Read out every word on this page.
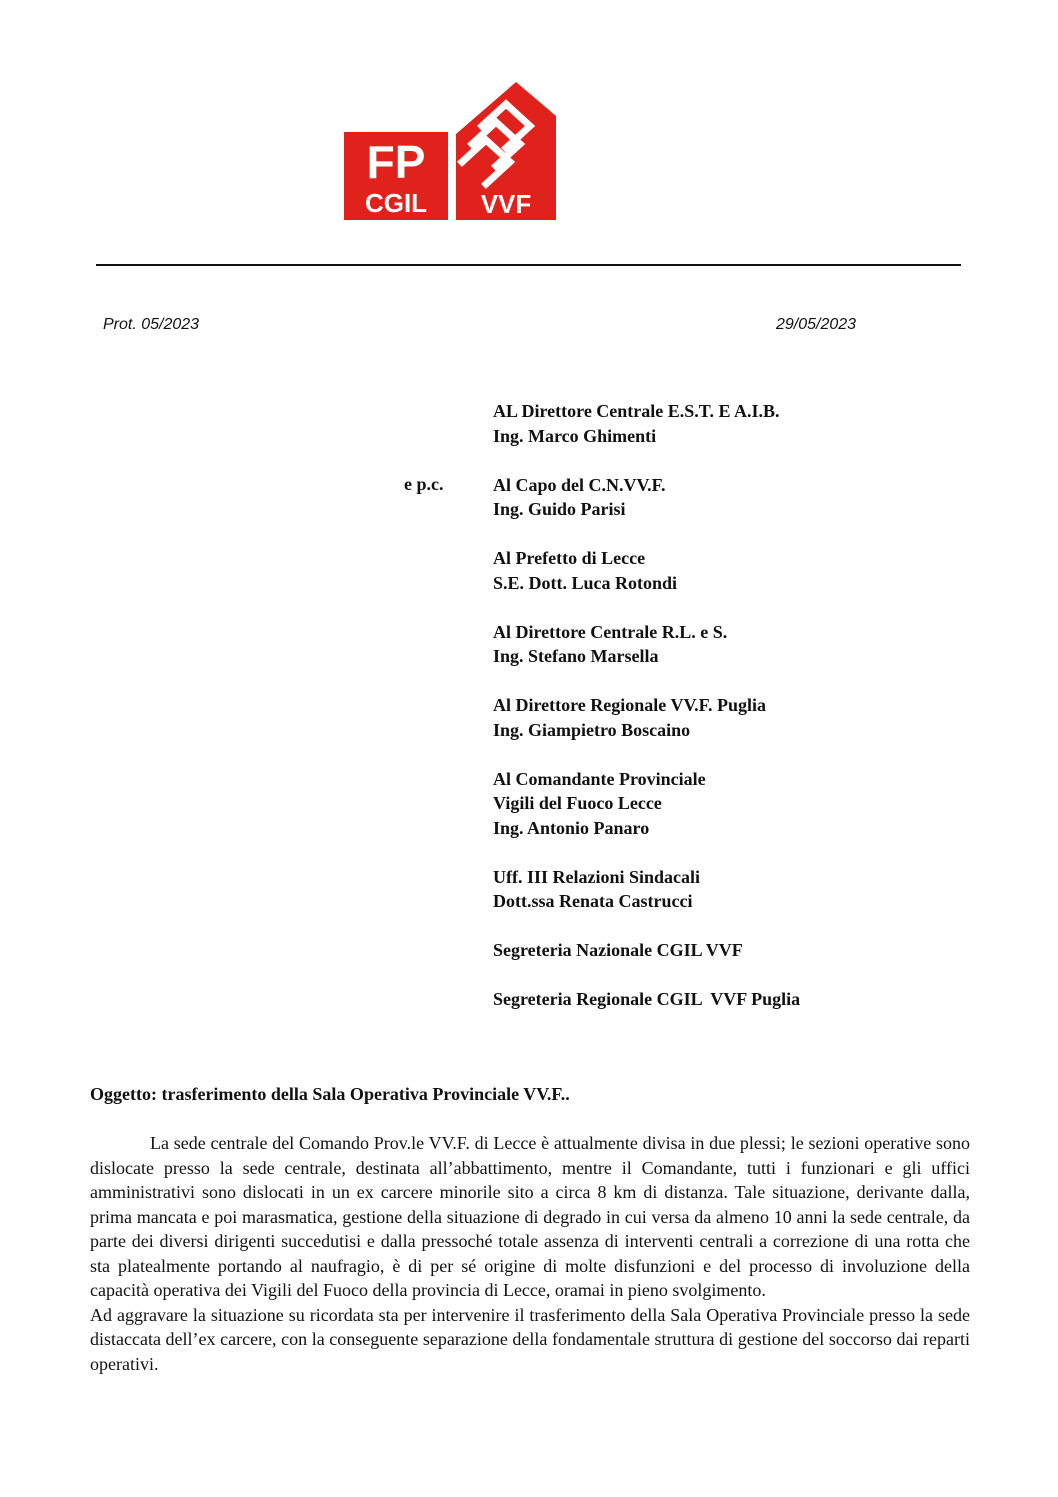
FP
CGIL VVF
Prot. 05/2023	29/05/2023
e p.c.
AL Direttore Centrale E.S.T. E A.I.B.
Ing. Marco Ghimenti
Al Capo del C.N.VV.F.
Ing. Guido Parisi
Al Prefetto di Lecce
S.E. Dott. Luca Rotondi
Al Direttore Centrale R.L. e S.
Ing. Stefano Marsella
Al Direttore Regionale VV.F. Puglia
Ing. Giampietro Boscaino
Al Comandante Provinciale
Vigili del Fuoco Lecce
Ing. Antonio Panaro
Uff. III Relazioni Sindacali
Dott.ssa Renata Castrucci
Segreteria Nazionale CGIL VVF
Segreteria Regionale CGIL  VVF Puglia
Oggetto: trasferimento della Sala Operativa Provinciale VV.F..

La sede centrale del Comando Prov.le VV.F. di Lecce è attualmente divisa in due plessi; le sezioni operative sono dislocate presso la sede centrale, destinata all’abbattimento, mentre il Comandante, tutti i funzionari e gli uffici amministrativi sono dislocati in un ex carcere minorile sito a circa 8 km di distanza. Tale situazione, derivante dalla, prima mancata e poi marasmatica, gestione della situazione di degrado in cui versa da almeno 10 anni la sede centrale, da parte dei diversi dirigenti succedutisi e dalla pressoché totale assenza di interventi centrali a correzione di una rotta che sta platealmente portando al naufragio, è di per sé origine di molte disfunzioni e del processo di involuzione della capacità operativa dei Vigili del Fuoco della provincia di Lecce, oramai in pieno svolgimento.

Ad aggravare la situazione su ricordata sta per intervenire il trasferimento della Sala Operativa Provinciale presso la sede distaccata dell’ex carcere, con la conseguente separazione della fondamentale struttura di gestione del soccorso dai reparti operativi.
